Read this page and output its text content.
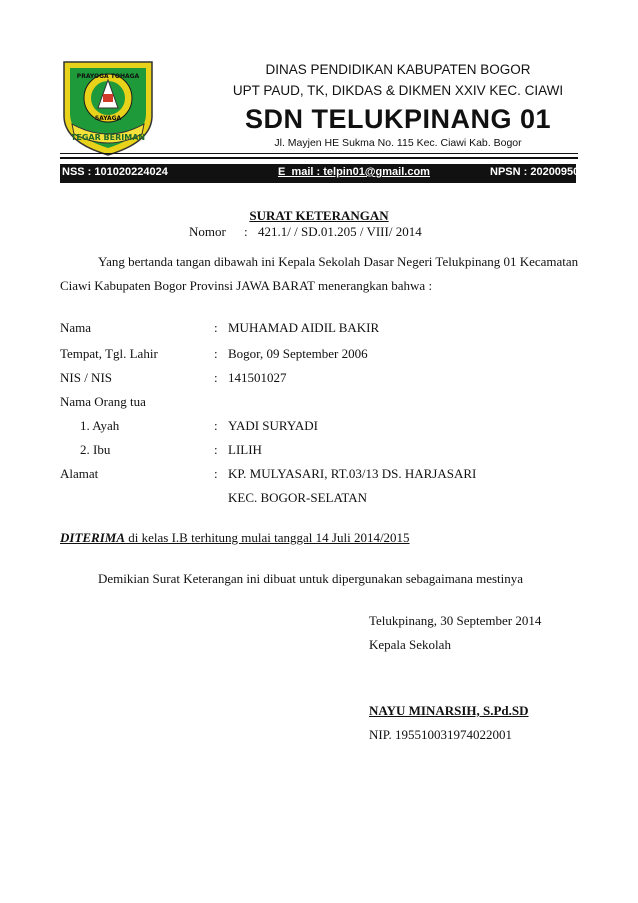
TEGAR BERIMAN
PRAYOGA TOHAGA
SAYAGA
DINAS PENDIDIKAN KABUPATEN BOGOR
UPT PAUD, TK, DIKDAS & DIKMEN XXIV KEC. CIAWI
SDN TELUKPINANG 01
Jl. Mayjen HE Sukma No. 115 Kec. Ciawi Kab. Bogor
NSS : 101020224024	E_mail : telpin01@gmail.com	NPSN : 20200950
SURAT KETERANGAN
Nomor : 421.1/ / SD.01.205 / VIII/ 2014
Yang bertanda tangan dibawah ini Kepala Sekolah Dasar Negeri Telukpinang 01 Kecamatan
Ciawi Kabupaten Bogor Provinsi JAWA BARAT menerangkan bahwa :
Nama	: MUHAMAD AIDIL BAKIR
Tempat, Tgl. Lahir	: Bogor, 09 September 2006
NIS / NIS	: 141501027
Nama Orang tua
1. Ayah	: YADI SURYADI
2. Ibu	: LILIH
Alamat	: KP. MULYASARI, RT.03/13 DS. HARJASARI
KEC. BOGOR-SELATAN
DITERIMA di kelas I.B terhitung mulai tanggal 14 Juli 2014/2015
Demikian Surat Keterangan ini dibuat untuk dipergunakan sebagaimana mestinya
Telukpinang, 30 September 2014
Kepala Sekolah
NAYU MINARSIH, S.Pd.SD
NIP. 195510031974022001
